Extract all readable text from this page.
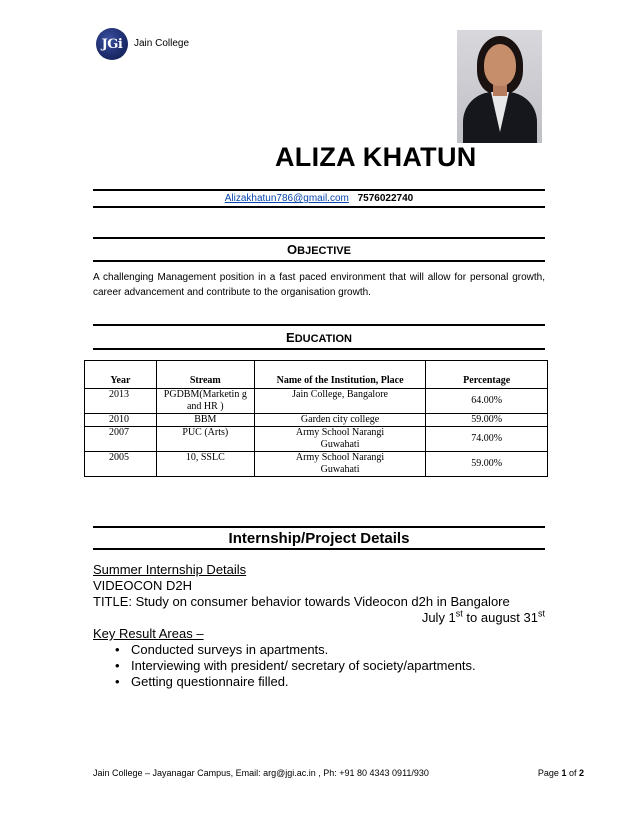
JGi	Jain College
ALIZA KHATUN
Alizakhatun786@gmail.com 7576022740
OBJECTIVE
A challenging Management position in a fast paced environment that will allow for personal growth, career advancement and contribute to the organisation growth.
EDUCATION
Year	Stream	Name of the Institution, Place	Percentage
2013	PGDBM(Marketin g and HR )	Jain College, Bangalore	64.00%
2010	BBM	Garden city college	59.00%
2007	PUC (Arts)	Army School Narangi Guwahati	74.00%
2005	10, SSLC	Army School Narangi Guwahati	59.00%
Internship/Project Details
Summer Internship Details
VIDEOCON D2H
TITLE: Study on consumer behavior towards Videocon d2h in Bangalore
July 1st to august 31st
Key Result Areas –
• Conducted surveys in apartments.
• Interviewing with president/ secretary of society/apartments.
• Getting questionnaire filled.
Jain College – Jayanagar Campus, Email: arg@jgi.ac.in , Ph: +91 80 4343 0911/930	Page 1 of 2
